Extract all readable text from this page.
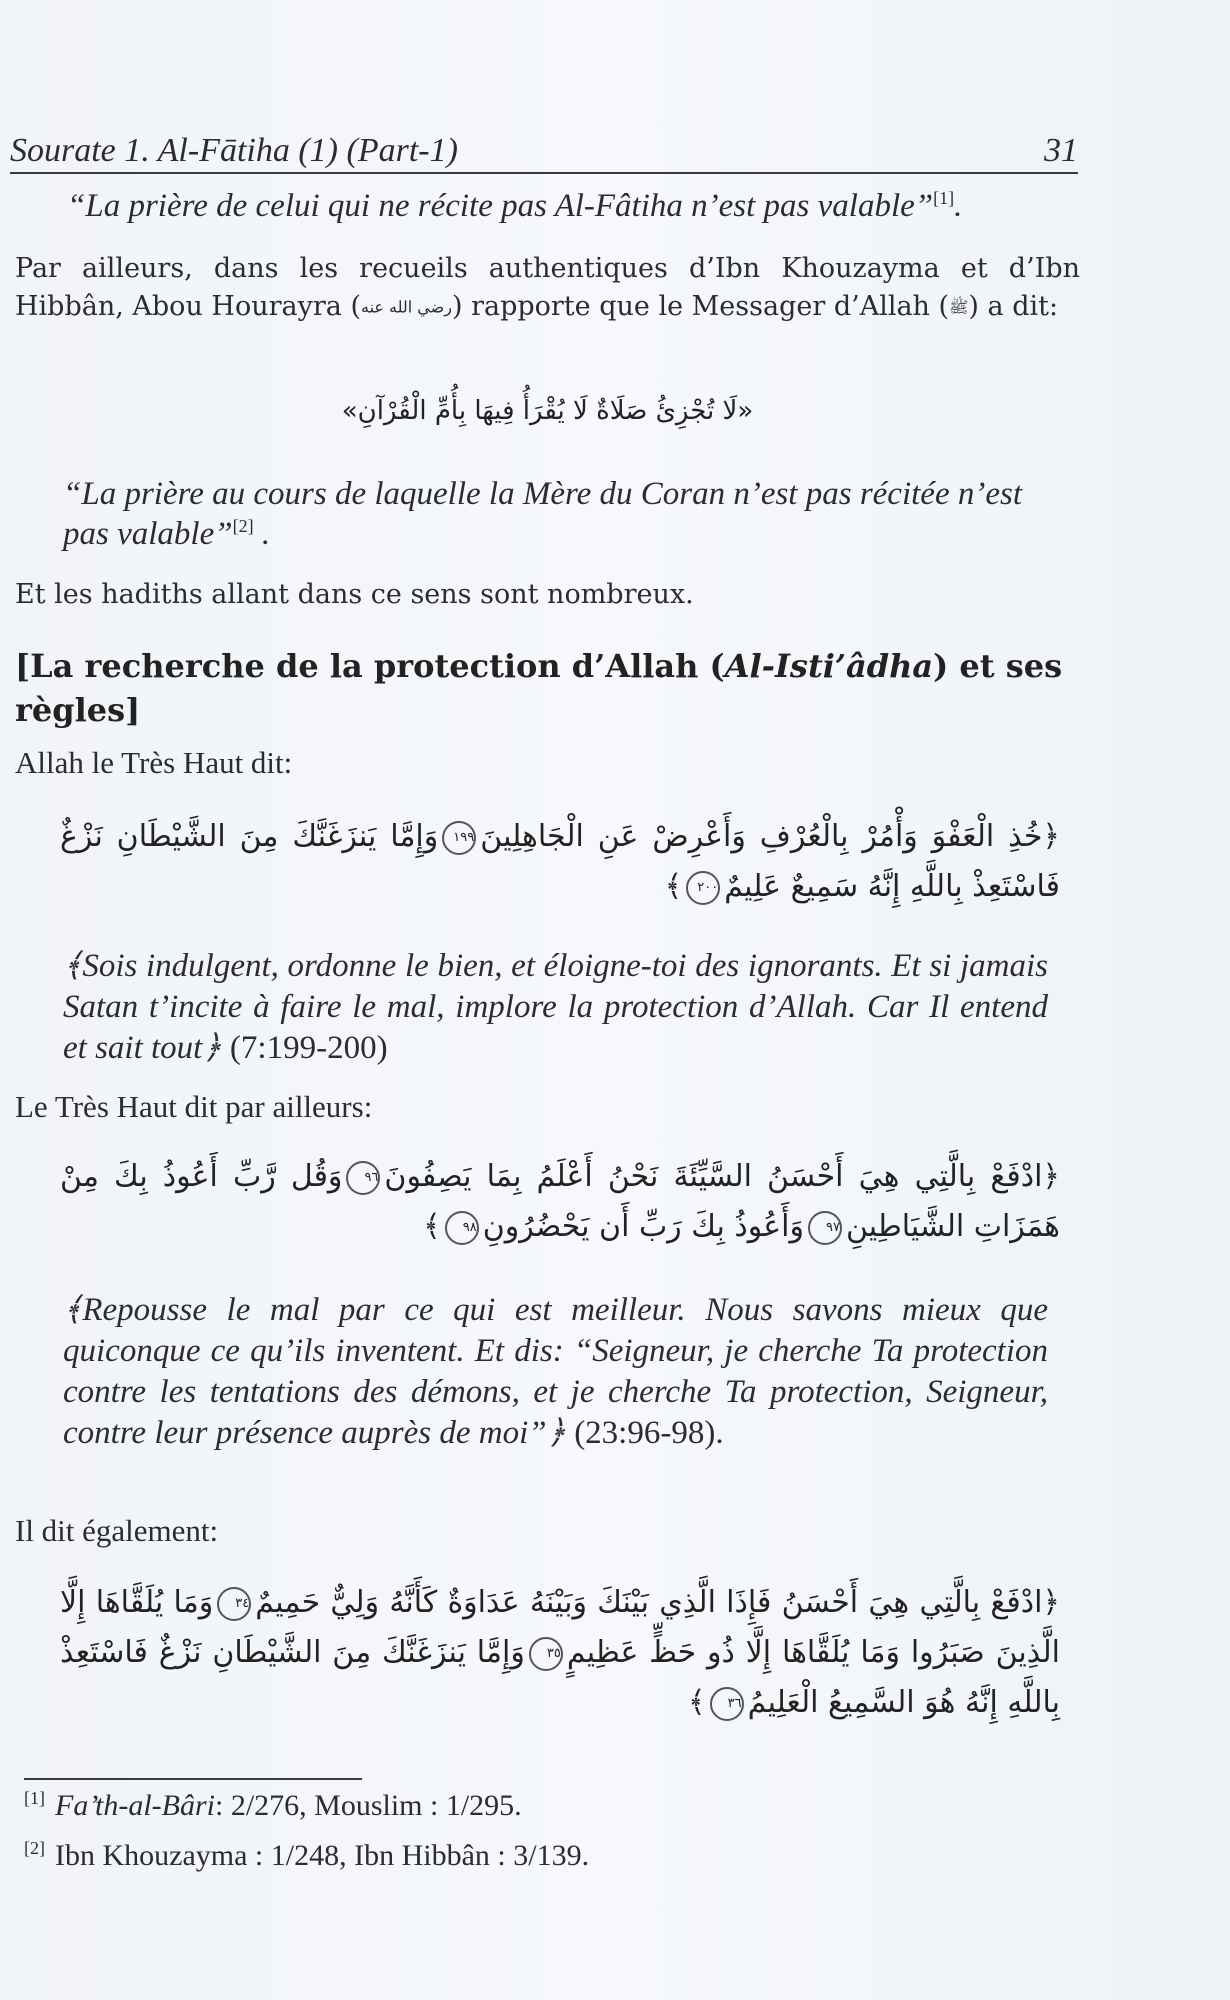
Sourate 1. Al-Fātiha (1) (Part-1)	31
“La prière de celui qui ne récite pas Al-Fâtiha n’est pas valable”[1].
Par ailleurs, dans les recueils authentiques d’Ibn Khouzayma et d’Ibn Hibbân, Abou Hourayra (رضي الله عنه) rapporte que le Messager d’Allah (ﷺ) a dit:
«لَا تُجْزِئُ صَلَاةٌ لَا يُقْرَأُ فِيهَا بِأُمِّ الْقُرْآنِ»
“La prière au cours de laquelle la Mère du Coran n’est pas récitée n’est pas valable”[2] .
Et les hadiths allant dans ce sens sont nombreux.
[La recherche de la protection d’Allah (Al-Isti’âdha) et ses règles]
Allah le Très Haut dit:
﴿خُذِ الْعَفْوَ وَأْمُرْ بِالْعُرْفِ وَأَعْرِضْ عَنِ الْجَاهِلِينَ١٩٩وَإِمَّا يَنزَغَنَّكَ مِنَ الشَّيْطَانِ نَزْغٌ فَاسْتَعِذْ بِاللَّهِ إِنَّهُ سَمِيعٌ عَلِيمٌ٢٠٠﴾
﴾Sois indulgent, ordonne le bien, et éloigne-toi des ignorants. Et si jamais Satan t’incite à faire le mal, implore la protection d’Allah. Car Il entend et sait tout﴿ (7:199-200)
Le Très Haut dit par ailleurs:
﴿ادْفَعْ بِالَّتِي هِيَ أَحْسَنُ السَّيِّئَةَ نَحْنُ أَعْلَمُ بِمَا يَصِفُونَ٩٦وَقُل رَّبِّ أَعُوذُ بِكَ مِنْ هَمَزَاتِ الشَّيَاطِينِ٩٧وَأَعُوذُ بِكَ رَبِّ أَن يَحْضُرُونِ٩٨﴾
﴾Repousse le mal par ce qui est meilleur. Nous savons mieux que quiconque ce qu’ils inventent. Et dis: “Seigneur, je cherche Ta protection contre les tentations des démons, et je cherche Ta protection, Seigneur, contre leur présence auprès de moi”﴿ (23:96-98).
Il dit également:
﴿ادْفَعْ بِالَّتِي هِيَ أَحْسَنُ فَإِذَا الَّذِي بَيْنَكَ وَبَيْنَهُ عَدَاوَةٌ كَأَنَّهُ وَلِيٌّ حَمِيمٌ٣٤وَمَا يُلَقَّاهَا إِلَّا الَّذِينَ صَبَرُوا وَمَا يُلَقَّاهَا إِلَّا ذُو حَظٍّ عَظِيمٍ٣٥وَإِمَّا يَنزَغَنَّكَ مِنَ الشَّيْطَانِ نَزْغٌ فَاسْتَعِذْ بِاللَّهِ إِنَّهُ هُوَ السَّمِيعُ الْعَلِيمُ٣٦﴾
[1] Fa’th-al-Bâri: 2/276, Mouslim : 1/295.
[2] Ibn Khouzayma : 1/248, Ibn Hibbân : 3/139.
